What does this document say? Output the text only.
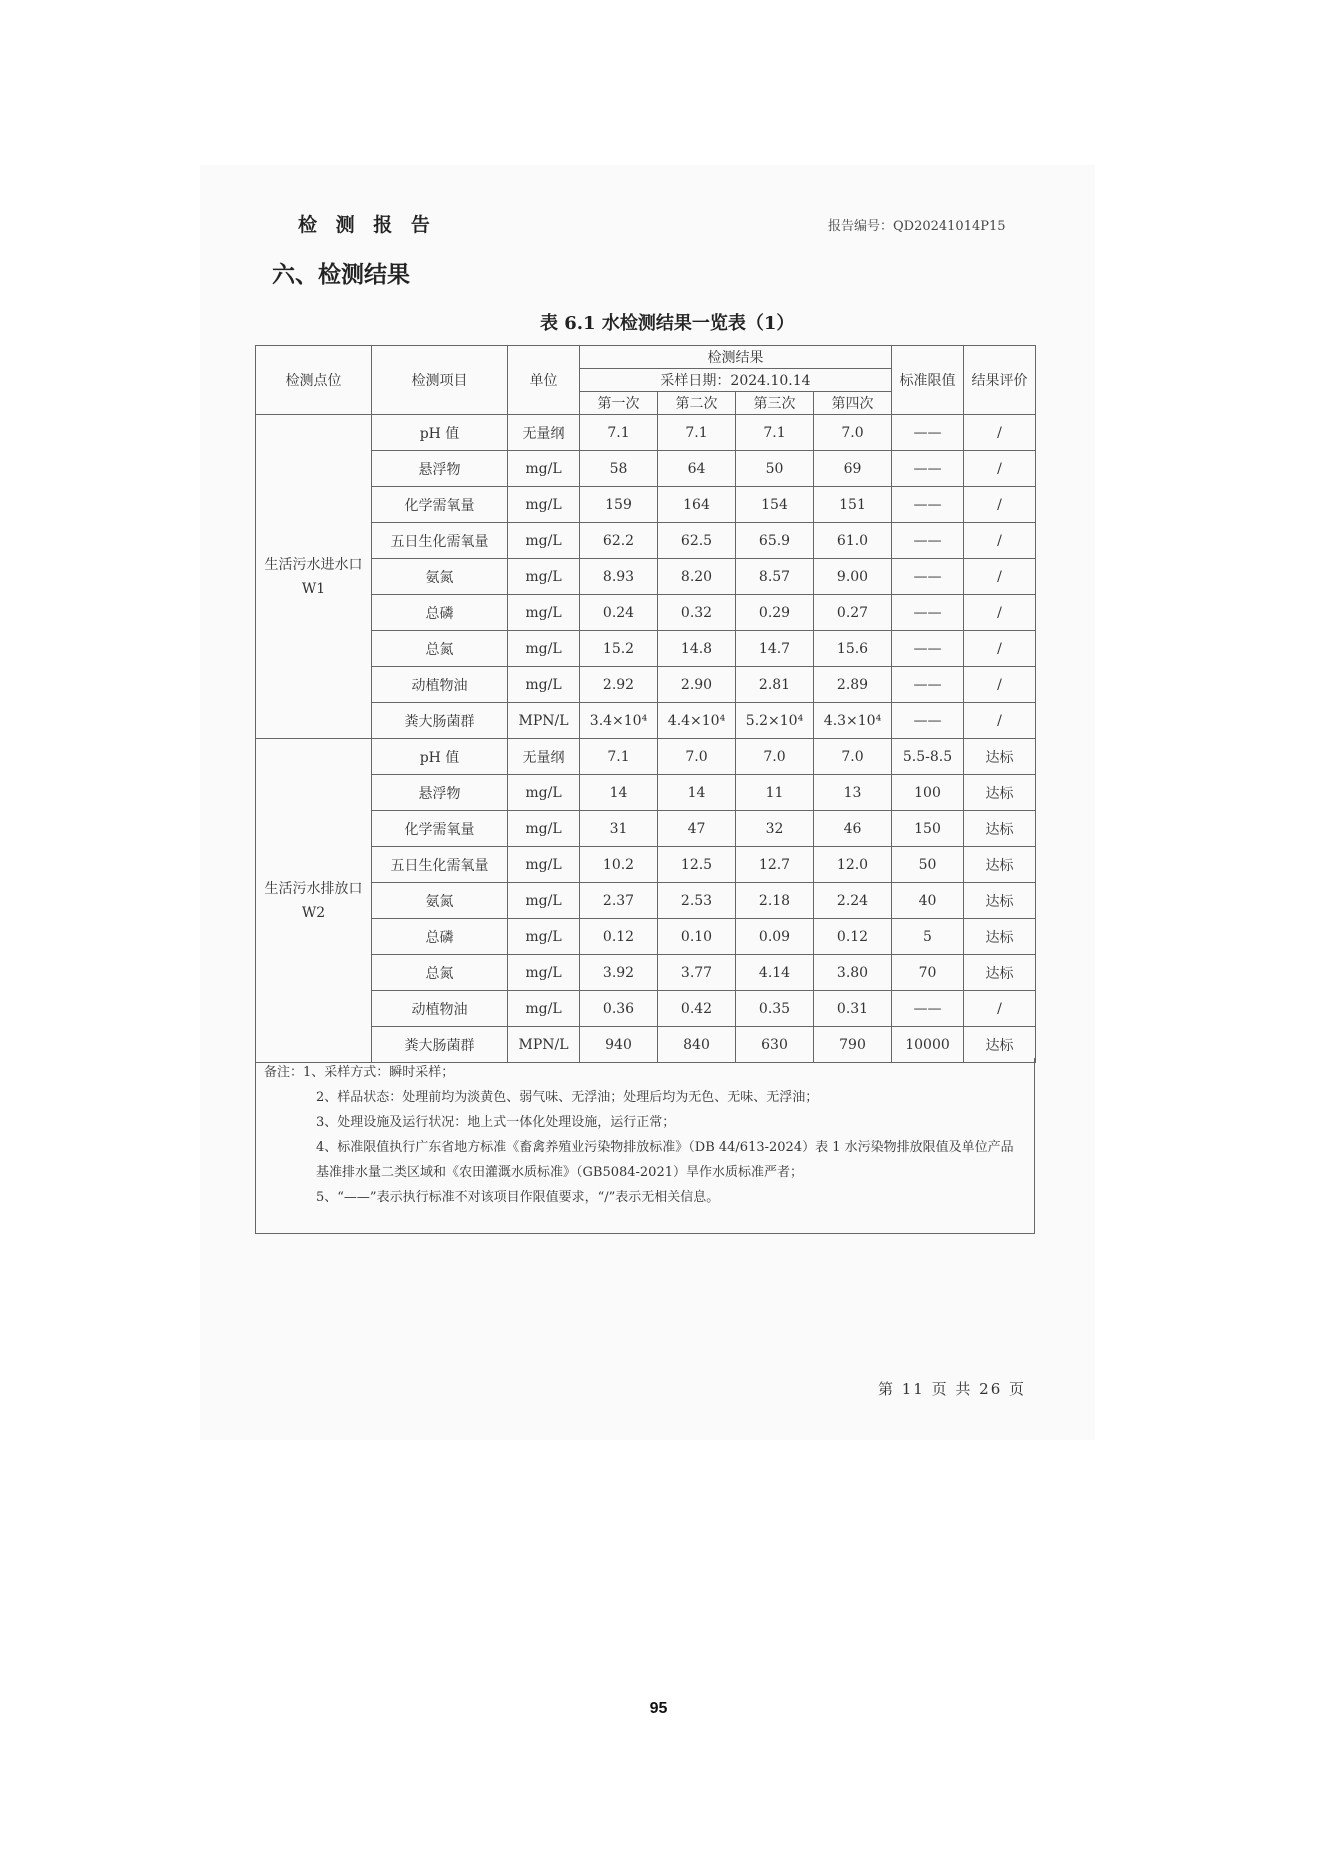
检 测 报 告	报告编号：QD20241014P15
六、检测结果
表 6.1 水检测结果一览表（1）
检测点位	检测项目	单位	检测结果				标准限值	结果评价
			采样日期：2024.10.14					
			第一次	第二次	第三次	第四次		
生活污水进水口 W1	pH 值	无量纲	7.1	7.1	7.1	7.0	——	/
	悬浮物	mg/L	58	64	50	69	——	/
	化学需氧量	mg/L	159	164	154	151	——	/
	五日生化需氧量	mg/L	62.2	62.5	65.9	61.0	——	/
	氨氮	mg/L	8.93	8.20	8.57	9.00	——	/
	总磷	mg/L	0.24	0.32	0.29	0.27	——	/
	总氮	mg/L	15.2	14.8	14.7	15.6	——	/
	动植物油	mg/L	2.92	2.90	2.81	2.89	——	/
	粪大肠菌群	MPN/L	3.4×10⁴	4.4×10⁴	5.2×10⁴	4.3×10⁴	——	/
生活污水排放口 W2	pH 值	无量纲	7.1	7.0	7.0	7.0	5.5-8.5	达标
	悬浮物	mg/L	14	14	11	13	100	达标
	化学需氧量	mg/L	31	47	32	46	150	达标
	五日生化需氧量	mg/L	10.2	12.5	12.7	12.0	50	达标
	氨氮	mg/L	2.37	2.53	2.18	2.24	40	达标
	总磷	mg/L	0.12	0.10	0.09	0.12	5	达标
	总氮	mg/L	3.92	3.77	4.14	3.80	70	达标
	动植物油	mg/L	0.36	0.42	0.35	0.31	——	/
	粪大肠菌群	MPN/L	940	840	630	790	10000	达标
备注：1、采样方式：瞬时采样；
2、样品状态：处理前均为淡黄色、弱气味、无浮油；处理后均为无色、无味、无浮油；
3、处理设施及运行状况：地上式一体化处理设施，运行正常；
4、标准限值执行广东省地方标准《畜禽养殖业污染物排放标准》（DB 44/613-2024）表 1 水污染物排放限值及单位产品基准排水量二类区域和《农田灌溉水质标准》（GB5084-2021）旱作水质标准严者；
5、“——”表示执行标准不对该项目作限值要求，“/”表示无相关信息。
第 11 页 共 26 页
95
